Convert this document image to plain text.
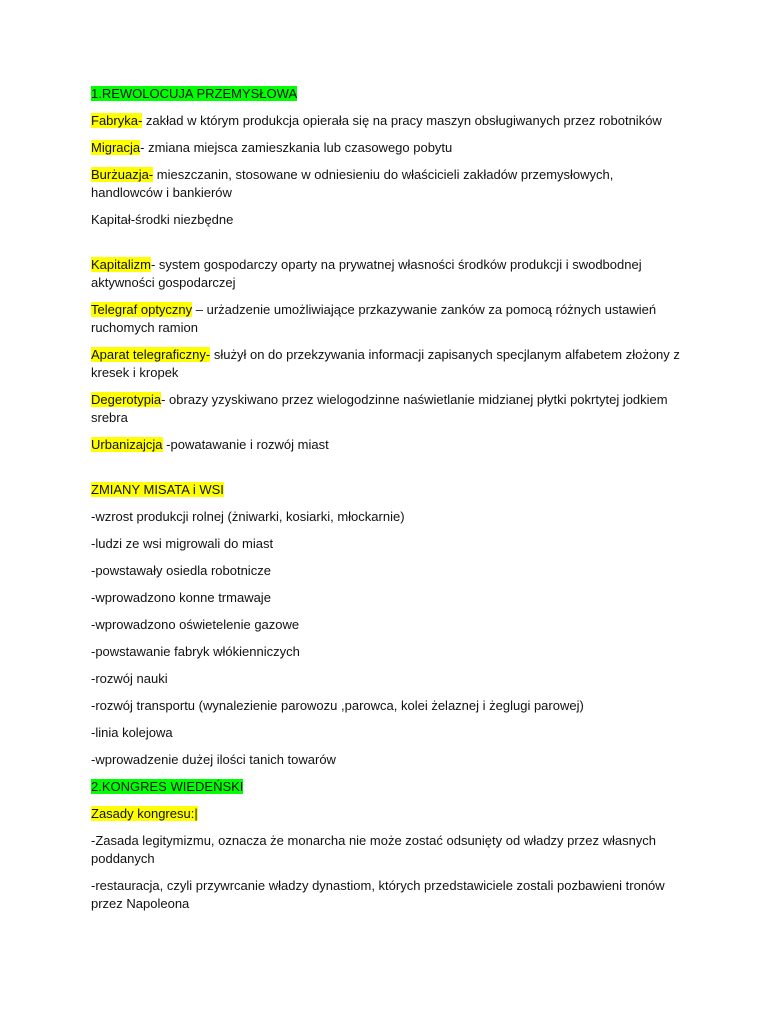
1.REWOLOCUJA PRZEMYSŁOWA
Fabryka- zakład w którym produkcja opierała się na pracy maszyn obsługiwanych przez robotników
Migracja- zmiana miejsca zamieszkania lub czasowego pobytu
Burżuazja- mieszczanin, stosowane w odniesieniu do właścicieli zakładów przemysłowych, handlowców i bankierów
Kapitał-środki niezbędne
Kapitalizm- system gospodarczy oparty na prywatnej własności środków produkcji i swodbodnej aktywności gospodarczej
Telegraf optyczny – urżadzenie umożliwiające przkazywanie zanków za pomocą różnych ustawień ruchomych ramion
Aparat telegraficzny- służył on do przekzywania informacji zapisanych specjlanym alfabetem złożony z kresek i kropek
Degerotypia- obrazy yzyskiwano przez wielogodzinne naświetlanie midzianej płytki pokrtytej jodkiem srebra
Urbanizajcja -powatawanie i rozwój miast
ZMIANY MISATA i WSI
-wzrost produkcji rolnej (żniwarki, kosiarki, młockarnie)
-ludzi ze wsi migrowali do miast
-powstawały osiedla robotnicze
-wprowadzono konne trmawaje
-wprowadzono oświetelenie gazowe
-powstawanie fabryk włókienniczych
-rozwój nauki
-rozwój transportu (wynalezienie parowozu ,parowca, kolei żelaznej i żeglugi parowej)
-linia kolejowa
-wprowadzenie dużej ilości tanich towarów
2.KONGRES WIEDEŃSKI
Zasady kongresu:|
-Zasada legitymizmu, oznacza że monarcha nie może zostać odsunięty od władzy przez własnych poddanych
-restauracja, czyli przywrcanie władzy dynastiom, których przedstawiciele zostali pozbawieni tronów przez Napoleona
